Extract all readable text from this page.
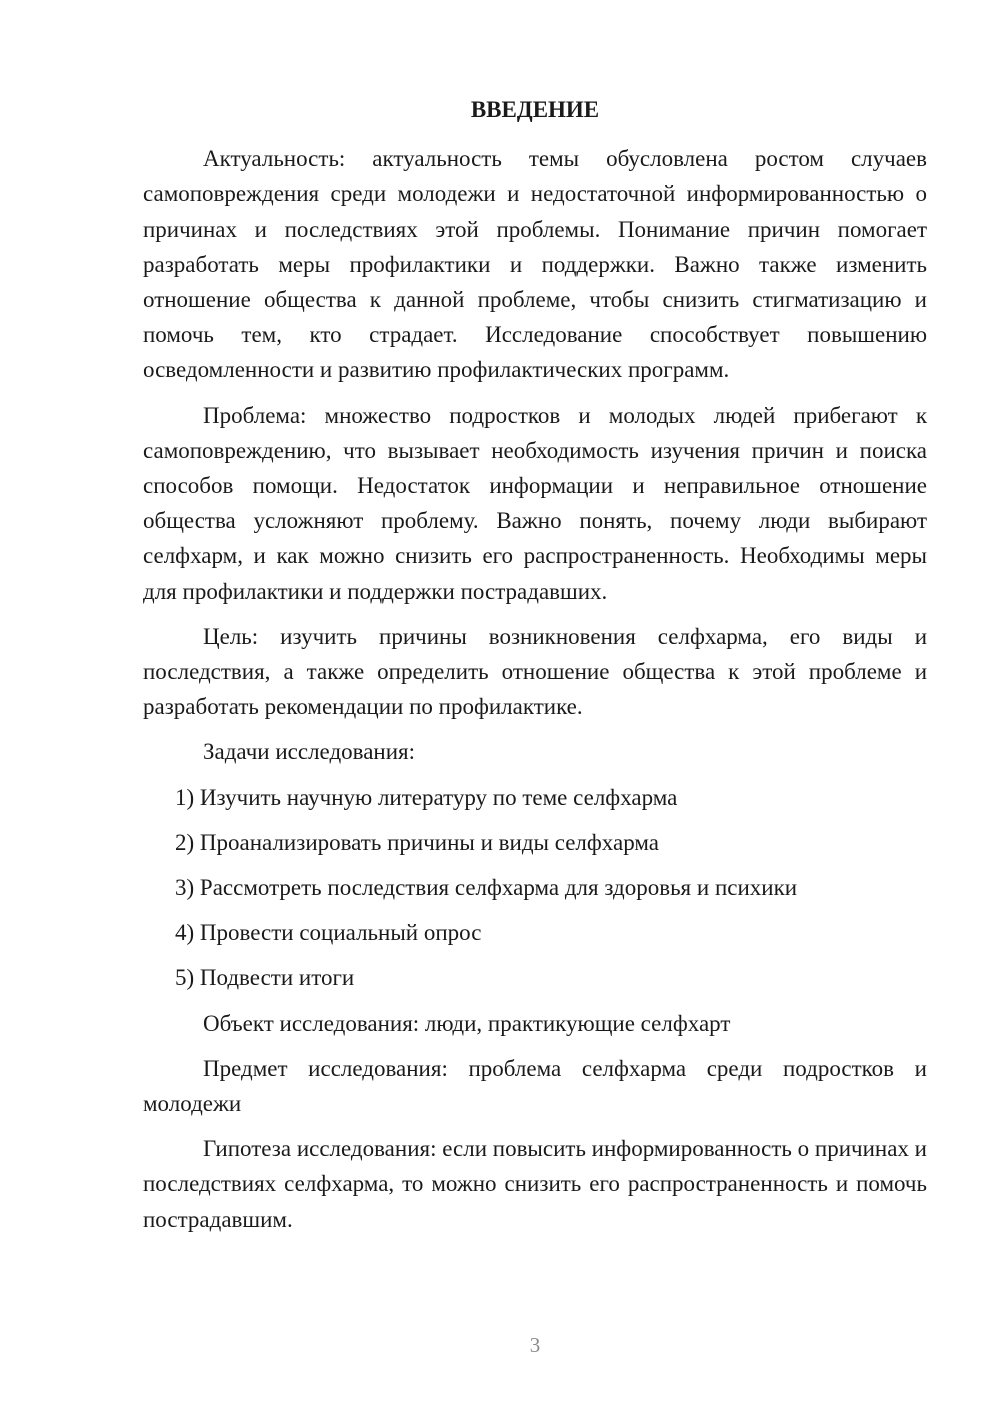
ВВЕДЕНИЕ

Актуальность: актуальность темы обусловлена ростом случаев самоповреждения среди молодежи и недостаточной информированностью о причинах и последствиях этой проблемы. Понимание причин помогает разработать меры профилактики и поддержки. Важно также изменить отношение общества к данной проблеме, чтобы снизить стигматизацию и помочь тем, кто страдает. Исследование способствует повышению осведомленности и развитию профилактических программ.

Проблема: множество подростков и молодых людей прибегают к самоповреждению, что вызывает необходимость изучения причин и поиска способов помощи. Недостаток информации и неправильное отношение общества усложняют проблему. Важно понять, почему люди выбирают селфхарм, и как можно снизить его распространенность. Необходимы меры для профилактики и поддержки пострадавших.

Цель: изучить причины возникновения селфхарма, его виды и последствия, а также определить отношение общества к этой проблеме и разработать рекомендации по профилактике.

Задачи исследования:

1) Изучить научную литературу по теме селфхарма
2) Проанализировать причины и виды селфхарма
3) Рассмотреть последствия селфхарма для здоровья и психики
4) Провести социальный опрос
5) Подвести итоги

Объект исследования: люди, практикующие селфхарт

Предмет исследования: проблема селфхарма среди подростков и молодежи

Гипотеза исследования: если повысить информированность о причинах и последствиях селфхарма, то можно снизить его распространенность и помочь пострадавшим.

3
